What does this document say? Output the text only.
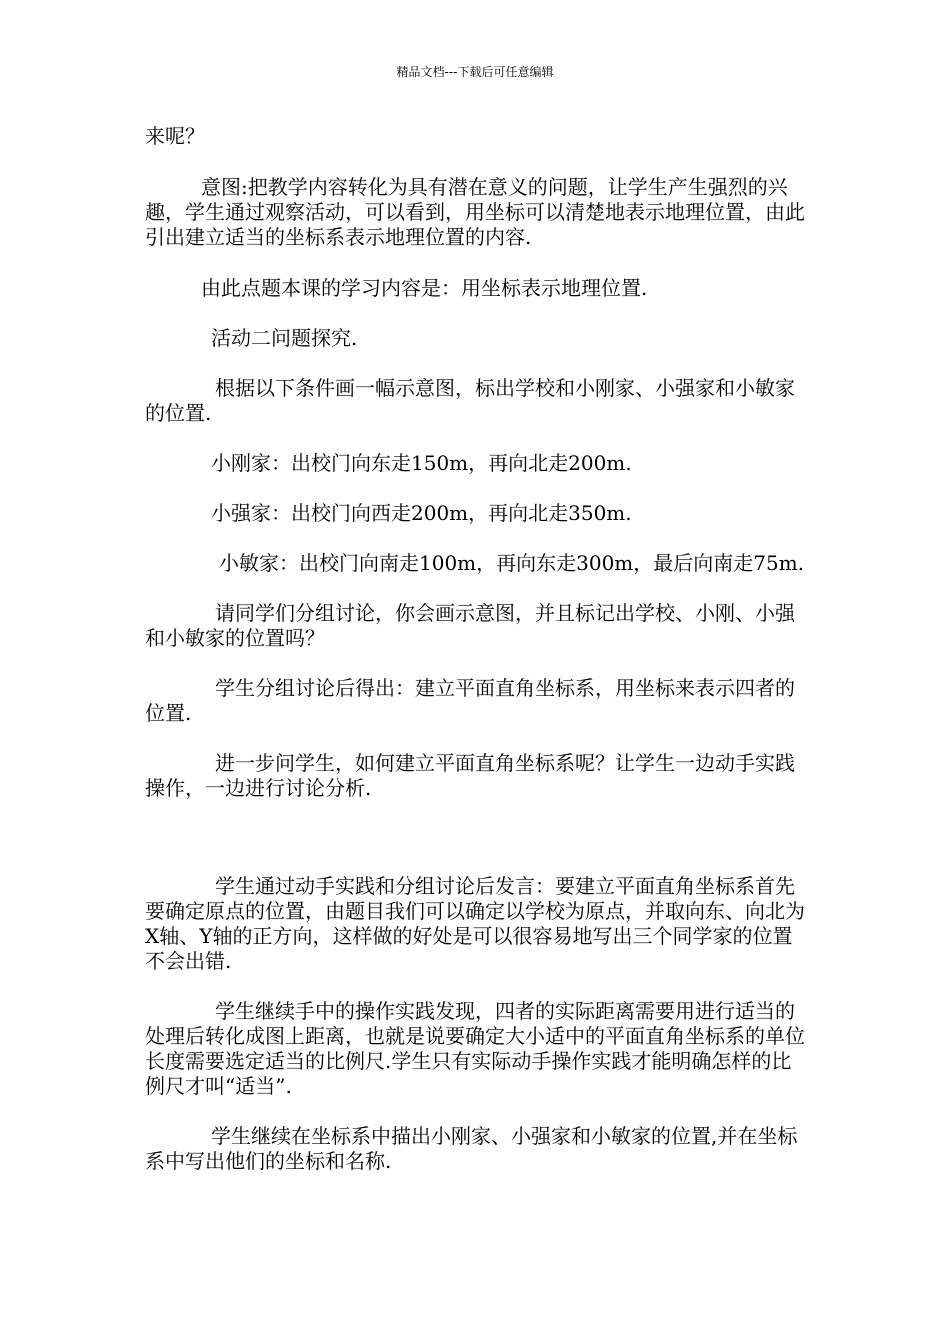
精品文档---下载后可任意编辑

来呢？

意图:把教学内容转化为具有潜在意义的问题，让学生产生强烈的兴趣，学生通过观察活动，可以看到，用坐标可以清楚地表示地理位置，由此引出建立适当的坐标系表示地理位置的内容.

由此点题本课的学习内容是：用坐标表示地理位置.

活动二问题探究.

根据以下条件画一幅示意图，标出学校和小刚家、小强家和小敏家的位置.

小刚家：出校门向东走150m，再向北走200m.

小强家：出校门向西走200m，再向北走350m.

小敏家：出校门向南走100m，再向东走300m，最后向南走75m.

请同学们分组讨论，你会画示意图，并且标记出学校、小刚、小强和小敏家的位置吗？

学生分组讨论后得出：建立平面直角坐标系，用坐标来表示四者的位置.

进一步问学生，如何建立平面直角坐标系呢？让学生一边动手实践操作，一边进行讨论分析.

学生通过动手实践和分组讨论后发言：要建立平面直角坐标系首先要确定原点的位置，由题目我们可以确定以学校为原点，并取向东、向北为X轴、Y轴的正方向，这样做的好处是可以很容易地写出三个同学家的位置不会出错.

学生继续手中的操作实践发现，四者的实际距离需要用进行适当的处理后转化成图上距离，也就是说要确定大小适中的平面直角坐标系的单位长度需要选定适当的比例尺.学生只有实际动手操作实践才能明确怎样的比例尺才叫“适当”.

学生继续在坐标系中描出小刚家、小强家和小敏家的位置,并在坐标系中写出他们的坐标和名称.
